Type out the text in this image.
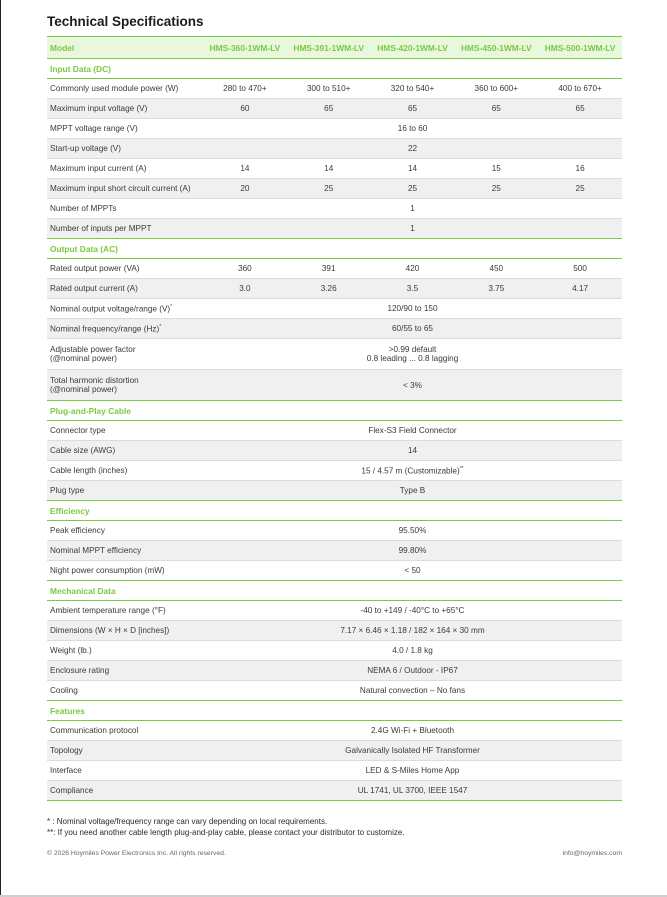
Technical Specifications
Model	HMS-360-1WM-LV	HMS-391-1WM-LV	HMS-420-1WM-LV	HMS-450-1WM-LV	HMS-500-1WM-LV
Input Data (DC)					
Commonly used module power (W)	280 to 470+	300 to 510+	320 to 540+	360 to 600+	400 to 670+
Maximum input voltage (V)	60	65	65	65	65
MPPT voltage range (V)	16 to 60				
Start-up voltage (V)	22				
Maximum input current (A)	14	14	14	15	16
Maximum input short circuit current (A)	20	25	25	25	25
Number of MPPTs	1				
Number of inputs per MPPT	1				
Output Data (AC)					
Rated output power (VA)	360	391	420	450	500
Rated output current (A)	3.0	3.26	3.5	3.75	4.17
Nominal output voltage/range (V)*	120/90 to 150				
Nominal frequency/range (Hz)*	60/55 to 65				

Adjustable power factor
(@nominal power)	>0.99 default
0.8 leading ... 0.8 lagging				

Total harmonic distortion
(@nominal power)	< 3%				
Plug-and-Play Cable					
Connector type	Flex-S3 Field Connector				
Cable size (AWG)	14				
Cable length (inches)	15 / 4.57 m (Customizable)**
Plug type	Type B				
Efficiency					
Peak efficiency	95.50%				
Nominal MPPT efficiency	99.80%				
Night power consumption (mW)	< 50				
Mechanical Data					
Ambient temperature range (°F)	-40 to +149 / -40°C to +65°C				
Dimensions (W × H × D [inches])	7.17 × 6.46 × 1.18 / 182 × 164 × 30 mm				
Weight (lb.)	4.0 / 1.8 kg				
Enclosure rating	NEMA 6 / Outdoor - IP67				
Cooling	Natural convection – No fans				
Features					
Communication protocol	2.4G Wi-Fi + Bluetooth				
Topology	Galvanically Isolated HF Transformer				
Interface	LED & S-Miles Home App				
Compliance	UL 1741, UL 3700, IEEE 1547				
* : Nominal voltage/frequency range can vary depending on local requirements.
**: If you need another cable length plug-and-play cable, please contact your distributor to customize.
© 2026 Hoymiles Power Electronics Inc. All rights reserved.	info@hoymiles.com
